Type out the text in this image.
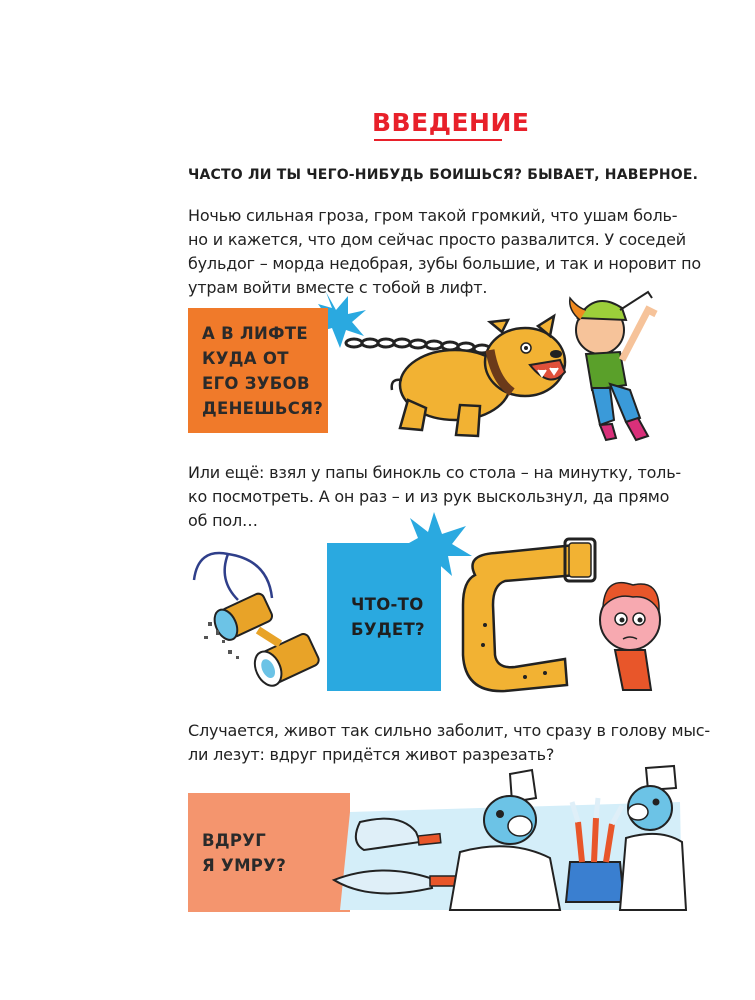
ВВЕДЕНИЕ
ЧАСТО ЛИ ТЫ ЧЕГО-НИБУДЬ БОИШЬСЯ? БЫВАЕТ, НАВЕРНОЕ.
Ночью сильная гроза, гром такой громкий, что ушам боль-
но и кажется, что дом сейчас просто развалится. У соседей
бульдог – морда недобрая, зубы большие, и так и норовит по
утрам войти вместе с тобой в лифт.
А В ЛИФТЕ
КУДА ОТ
ЕГО ЗУБОВ
ДЕНЕШЬСЯ?
Или ещё: взял у папы бинокль со стола – на минутку, толь-
ко посмотреть. А он раз – и из рук выскользнул, да прямо
об пол…
ЧТО-ТО
БУДЕТ?
Случается, живот так сильно заболит, что сразу в голову мыс-
ли лезут: вдруг придётся живот разрезать?
ВДРУГ
Я УМРУ?
